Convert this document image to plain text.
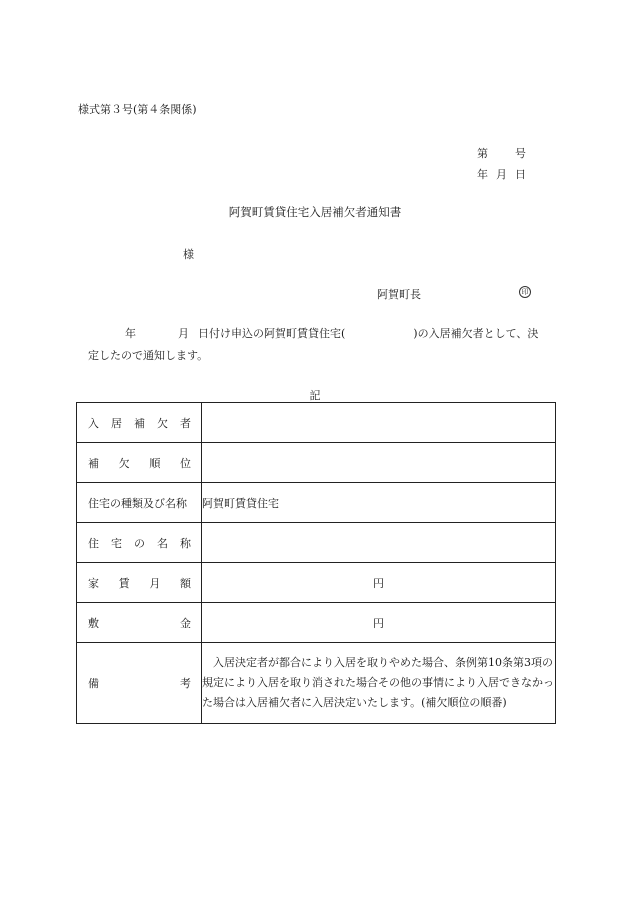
様式第３号(第４条関係)
第	号
年 月 日
阿賀町賃貸住宅入居補欠者通知書
様
阿賀町長	印
年	月 日付け申込の阿賀町賃貸住宅(	)の入居補欠者として、決
定したので通知します。
記
入 居 補 欠 者	

補 欠 順 位	

住宅の種類及び名称	阿賀町賃貸住宅

住 宅 の 名 称	

家 賃 月 額	円

敷 金	円

備 考	入居決定者が都合により入居を取りやめた場合、条例第10条第3項の規定により入居を取り消された場合その他の事情により入居できなかった場合は入居補欠者に入居決定いたします。(補欠順位の順番)
